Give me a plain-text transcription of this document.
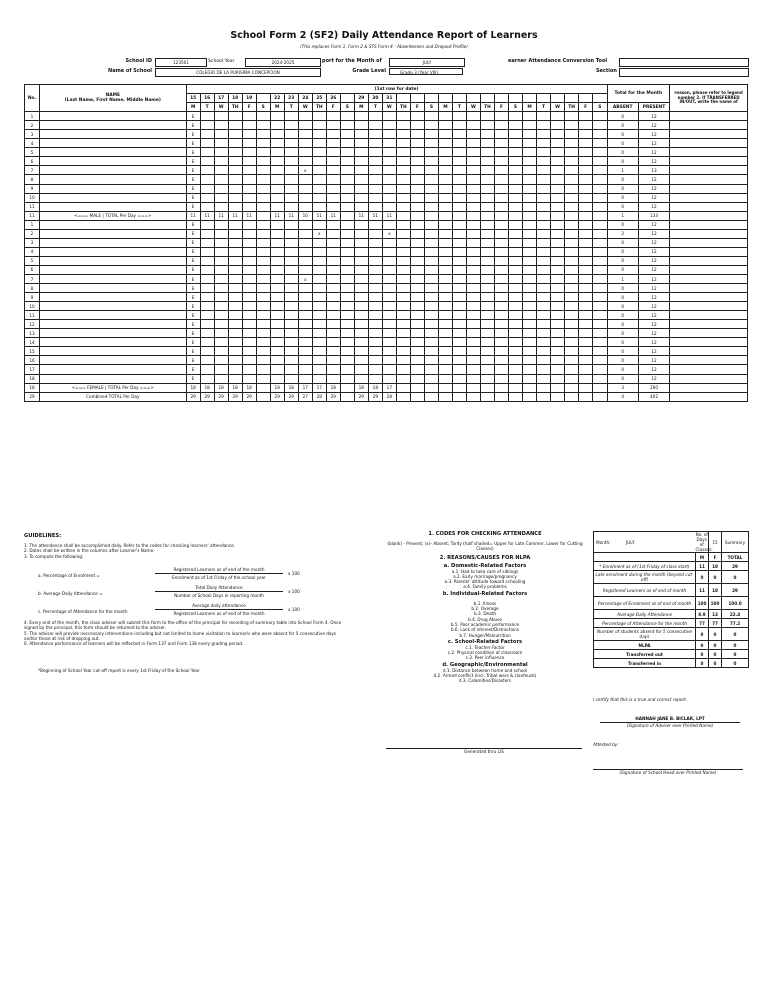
School Form 2 (SF2) Daily Attendance Report of Learners
(This replaces Form 1, Form 2 & STS Form 4 - Absenteeism and Dropout Profile)
School ID	123501	School Year	2024-2025	port for the Month of	JULY	earner Attendance Conversion Tool
Name of School	COLEGIO DE LA PURISIMA CONCEPCION	Grade Level	Grade 3 (Year VIII)	Section
No.	NAME
(Last Name, First Name, Middle Name)	(1st row for date)																														Total for the Month		reason, please refer to legend number 2. If TRANSFERRED IN/OUT, write the name of
		15	16	17	18	19		22	23	24	25	26		29	30	31																		
		M	T	W	TH	F	S	M	T	W	TH	F	S	M	T	W	TH	F	S	M	T	W	TH	F	S	M	T	W	TH	F	S	ABSENT	PRESENT	
1		E																														0	12	
2		E																														0	12	
3		E																														0	12	
4		E																														0	12	
5		E																														0	12	
6		E																														0	12	
7		E								x																						1	13	
8		E																														0	12	
9		E																														0	12	
10		E																														0	12	
11		E																														0	12	
11	<=== MALE | TOTAL Per Day ===>	11	11	11	11	11		11	11	10	11	11		11	11	11																1	133	
1		E																														0	12	
2		E									x					x																2	12	
3		E																														0	12	
4		E																														0	12	
5		E																														0	12	
6		E																														0	12	
7		E								x																						1	12	
8		E																														0	12	
9		E																														0	12	
10		E																														0	12	
11		E																														0	12	
12		E																														0	12	
13		E																														0	12	
14		E																														0	12	
15		E																														0	12	
16		E																														0	12	
17		E																														0	12	
18		E																														0	12	
18	<=== FEMALE | TOTAL Per Day ===>	18	18	18	18	18		18	18	17	17	18		18	18	17																3	260	
29	Combined TOTAL Per Day	29	29	29	29	29		29	29	27	28	29		29	29	28																4	402	
GUIDELINES:
1. The attendance shall be accomplished daily. Refer to the codes for checking learners' attendance.
2. Dates shall be written in the columns after Learner's Name.
3. To compute the following:
a. Percentage of Enrolment =
Registered Learners as of end of the month
Enrolment as of 1st Friday of the school year
x 100
b. Average Daily Attendance =
Total Daily Attendance
Number of School Days in reporting month
x 100
c. Percentage of Attendance for the month
Average daily attendance
Registered Learners as of end of the month
x 100
4. Every end of the month, the class adviser will submit this form to the office of the principal for recording of summary table into School Form 4. Once signed by the principal, this form should be returned to the adviser.
5. The adviser will provide neccessary interventions including but not limited to home visitation to learner/s who were absent for 5 consecutive days and/or those at risk of dropping out.
6. Attendance performance of learners will be reflected in Form 137 and Form 138 every grading period.
*Beginning of School Year cut-off report is every 1st Friday of the School Year
1. CODES FOR CHECKING ATTENDANCE
(blank) - Present; (x)- Absent; Tardy (half shaded= Upper for Late Commer, Lower for Cutting Classes)
2. REASONS/CAUSES FOR NLPA
a. Domestic-Related Factors
a.1. Had to take care of siblings
a.2. Early marriage/pregnancy
a.3. Parents' attitude toward schooling
a.4. Family problems
b. Individual-Related Factors
b.1. Illness
b.2. Overage
b.3. Death
b.4. Drug Abuse
b.5. Poor academic performance
b.6. Lack of interest/Distractions
b.7. Hunger/Malnutrition
c. School-Related Factors
c.1. Teacher Factor
c.2. Physical condition of classroom
c.3. Peer influence
d. Geographic/Environmental
d.1. Distance between home and school
d.2. Armed conflict (incl. Tribal wars & clanfeuds)
d.3. Calamities/Disasters
Generated thru LIS
Month: JULY	No. of Days of Classes:	15	Summary
	M	F	TOTAL
* Enrolment as of (1st Friday of class start)	11	18	29
Late enrolment during the month (beyond cut-off)	0	0	0
Registered Learners as of end of month	11	18	29
Percentage of Enrolment as of end of month	100	100	100.0
Average Daily Attendance	8.9	13	22.4
Percentage of Attendance for the month	77	77	77.2
Number of students absent for 5 consecutive days	0	0	0
NLPA	0	0	0
Transferred out	0	0	0
Transferred in	0	0	0
I certify that this is a true and correct report.
HANNAH JANE B. BICLAR, LPT
(Signature of Adviser over Printed Name)
Attested by:
(Signature of School Head over Printed Name)
